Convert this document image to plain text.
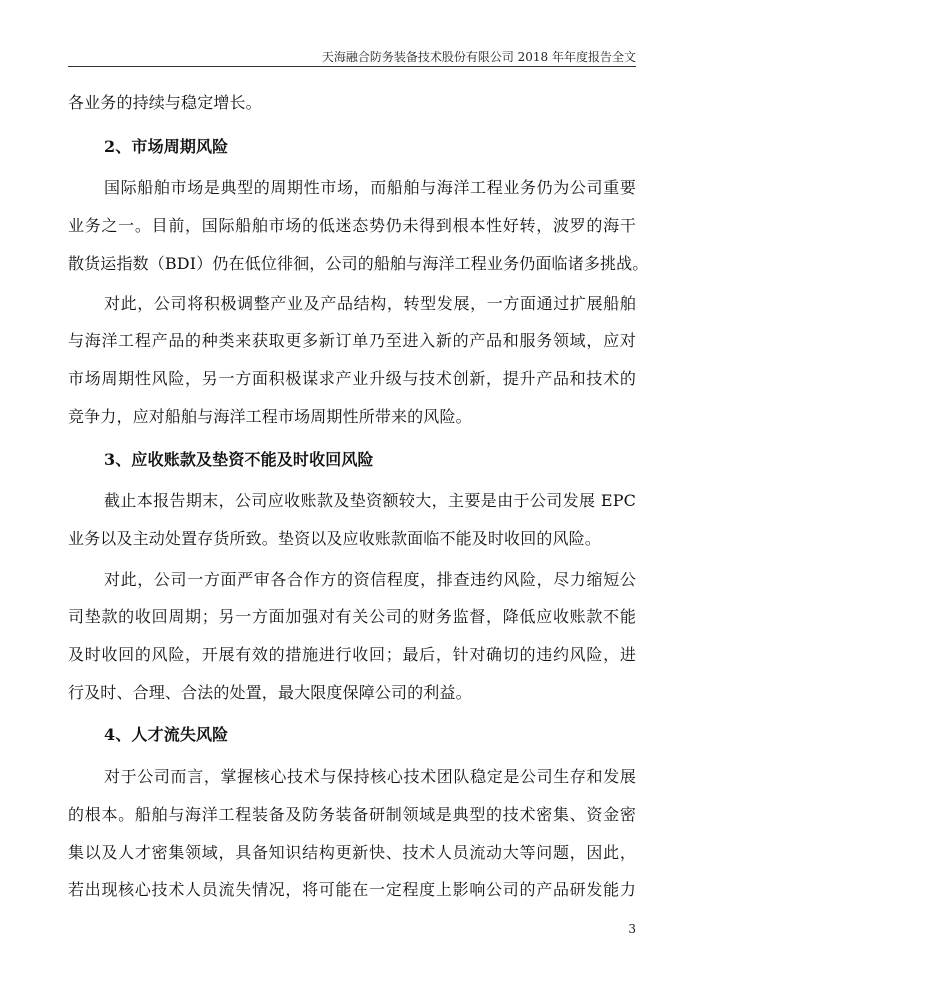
天海融合防务装备技术股份有限公司 2018 年年度报告全文
各业务的持续与稳定增长。
2、市场周期风险
国际船舶市场是典型的周期性市场，而船舶与海洋工程业务仍为公司重要
业务之一。目前，国际船舶市场的低迷态势仍未得到根本性好转，波罗的海干
散货运指数（BDI）仍在低位徘徊，公司的船舶与海洋工程业务仍面临诸多挑战。
对此，公司将积极调整产业及产品结构，转型发展，一方面通过扩展船舶
与海洋工程产品的种类来获取更多新订单乃至进入新的产品和服务领域，应对
市场周期性风险，另一方面积极谋求产业升级与技术创新，提升产品和技术的
竞争力，应对船舶与海洋工程市场周期性所带来的风险。
3、应收账款及垫资不能及时收回风险
截止本报告期末，公司应收账款及垫资额较大，主要是由于公司发展 EPC
业务以及主动处置存货所致。垫资以及应收账款面临不能及时收回的风险。
对此，公司一方面严审各合作方的资信程度，排查违约风险，尽力缩短公
司垫款的收回周期；另一方面加强对有关公司的财务监督，降低应收账款不能
及时收回的风险，开展有效的措施进行收回；最后，针对确切的违约风险，进
行及时、合理、合法的处置，最大限度保障公司的利益。
4、人才流失风险
对于公司而言，掌握核心技术与保持核心技术团队稳定是公司生存和发展
的根本。船舶与海洋工程装备及防务装备研制领域是典型的技术密集、资金密
集以及人才密集领域，具备知识结构更新快、技术人员流动大等问题，因此，
若出现核心技术人员流失情况，将可能在一定程度上影响公司的产品研发能力
3
